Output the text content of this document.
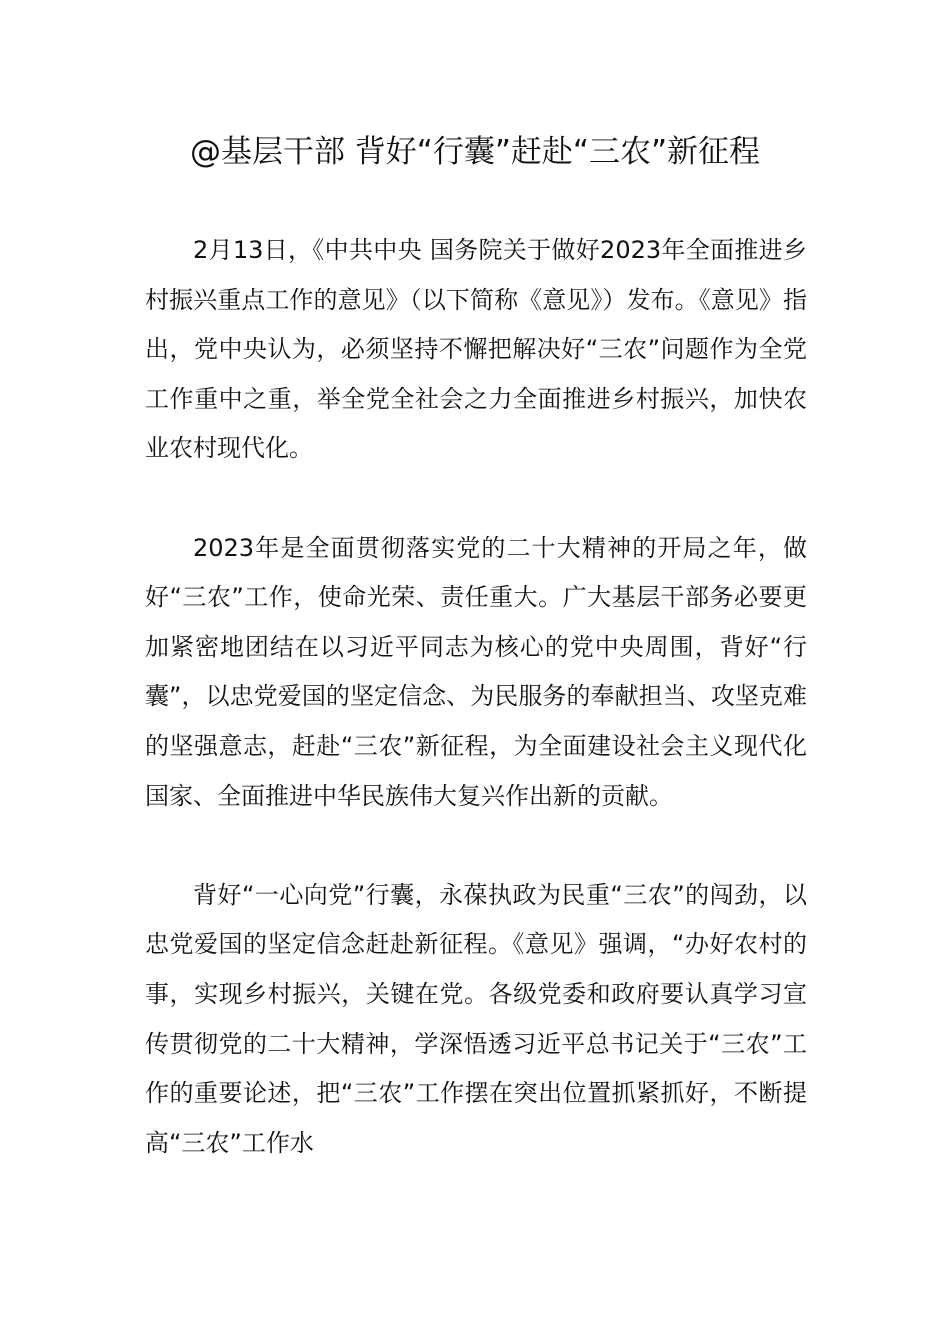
@基层干部 背好“行囊”赶赴“三农”新征程

2月13日，《中共中央 国务院关于做好2023年全面推进乡村振兴重点工作的意见》（以下简称《意见》）发布。《意见》指出，党中央认为，必须坚持不懈把解决好“三农”问题作为全党工作重中之重，举全党全社会之力全面推进乡村振兴，加快农业农村现代化。

2023年是全面贯彻落实党的二十大精神的开局之年，做好“三农”工作，使命光荣、责任重大。广大基层干部务必要更加紧密地团结在以习近平同志为核心的党中央周围，背好“行囊”，以忠党爱国的坚定信念、为民服务的奉献担当、攻坚克难的坚强意志，赶赴“三农”新征程，为全面建设社会主义现代化国家、全面推进中华民族伟大复兴作出新的贡献。

背好“一心向党”行囊，永葆执政为民重“三农”的闯劲，以忠党爱国的坚定信念赶赴新征程。《意见》强调，“办好农村的事，实现乡村振兴，关键在党。各级党委和政府要认真学习宣传贯彻党的二十大精神，学深悟透习近平总书记关于“三农”工作的重要论述，把“三农”工作摆在突出位置抓紧抓好，不断提高“三农”工作水
